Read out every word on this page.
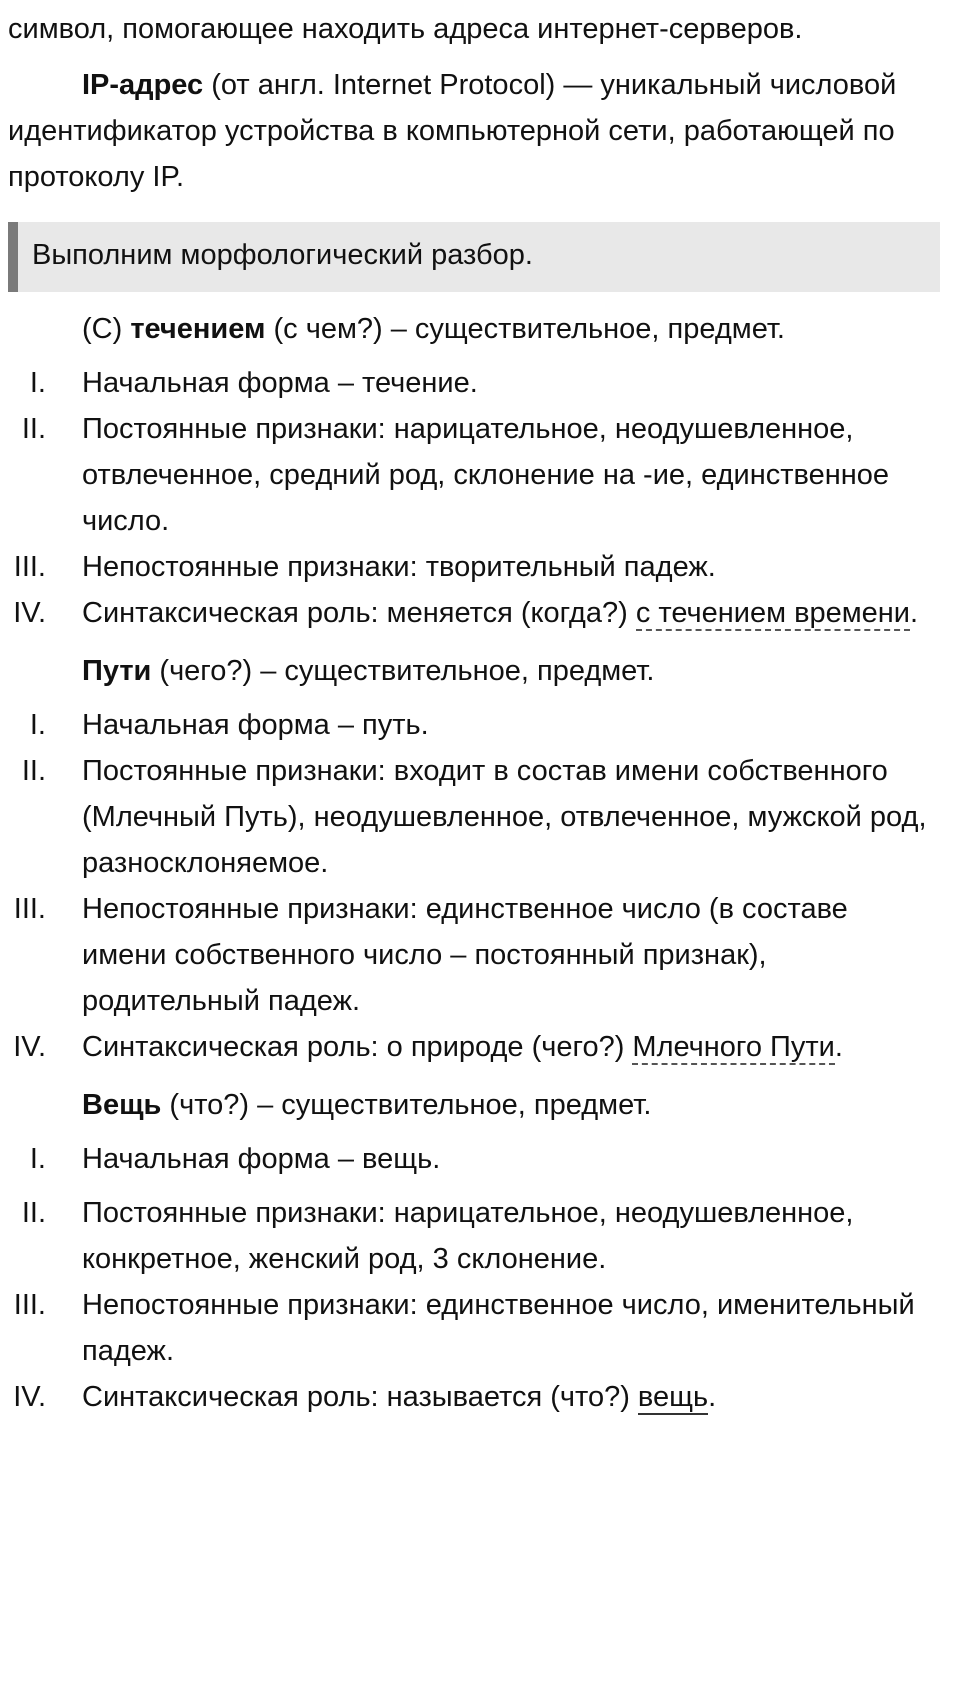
символ, помогающее находить адреса интернет-серверов.

IP-адрес (от англ. Internet Protocol) — уникальный числовой идентификатор устройства в компьютерной сети, работающей по протоколу IP.

Выполним морфологический разбор.

(С) течением (с чем?) – существительное, предмет.

I. Начальная форма – течение.
II. Постоянные признаки: нарицательное, неодушевленное, отвлеченное, средний род, склонение на -ие, единственное число.
III. Непостоянные признаки: творительный падеж.
IV. Синтаксическая роль: меняется (когда?) с течением времени.

Пути (чего?) – существительное, предмет.

I. Начальная форма – путь.
II. Постоянные признаки: входит в состав имени собственного (Млечный Путь), неодушевленное, отвлеченное, мужской род, разносклоняемое.
III. Непостоянные признаки: единственное число (в составе имени собственного число – постоянный признак), родительный падеж.
IV. Синтаксическая роль: о природе (чего?) Млечного Пути.

Вещь (что?) – существительное, предмет.

I. Начальная форма – вещь.
II. Постоянные признаки: нарицательное, неодушевленное, конкретное, женский род, 3 склонение.
III. Непостоянные признаки: единственное число, именительный падеж.
IV. Синтаксическая роль: называется (что?) вещь.
